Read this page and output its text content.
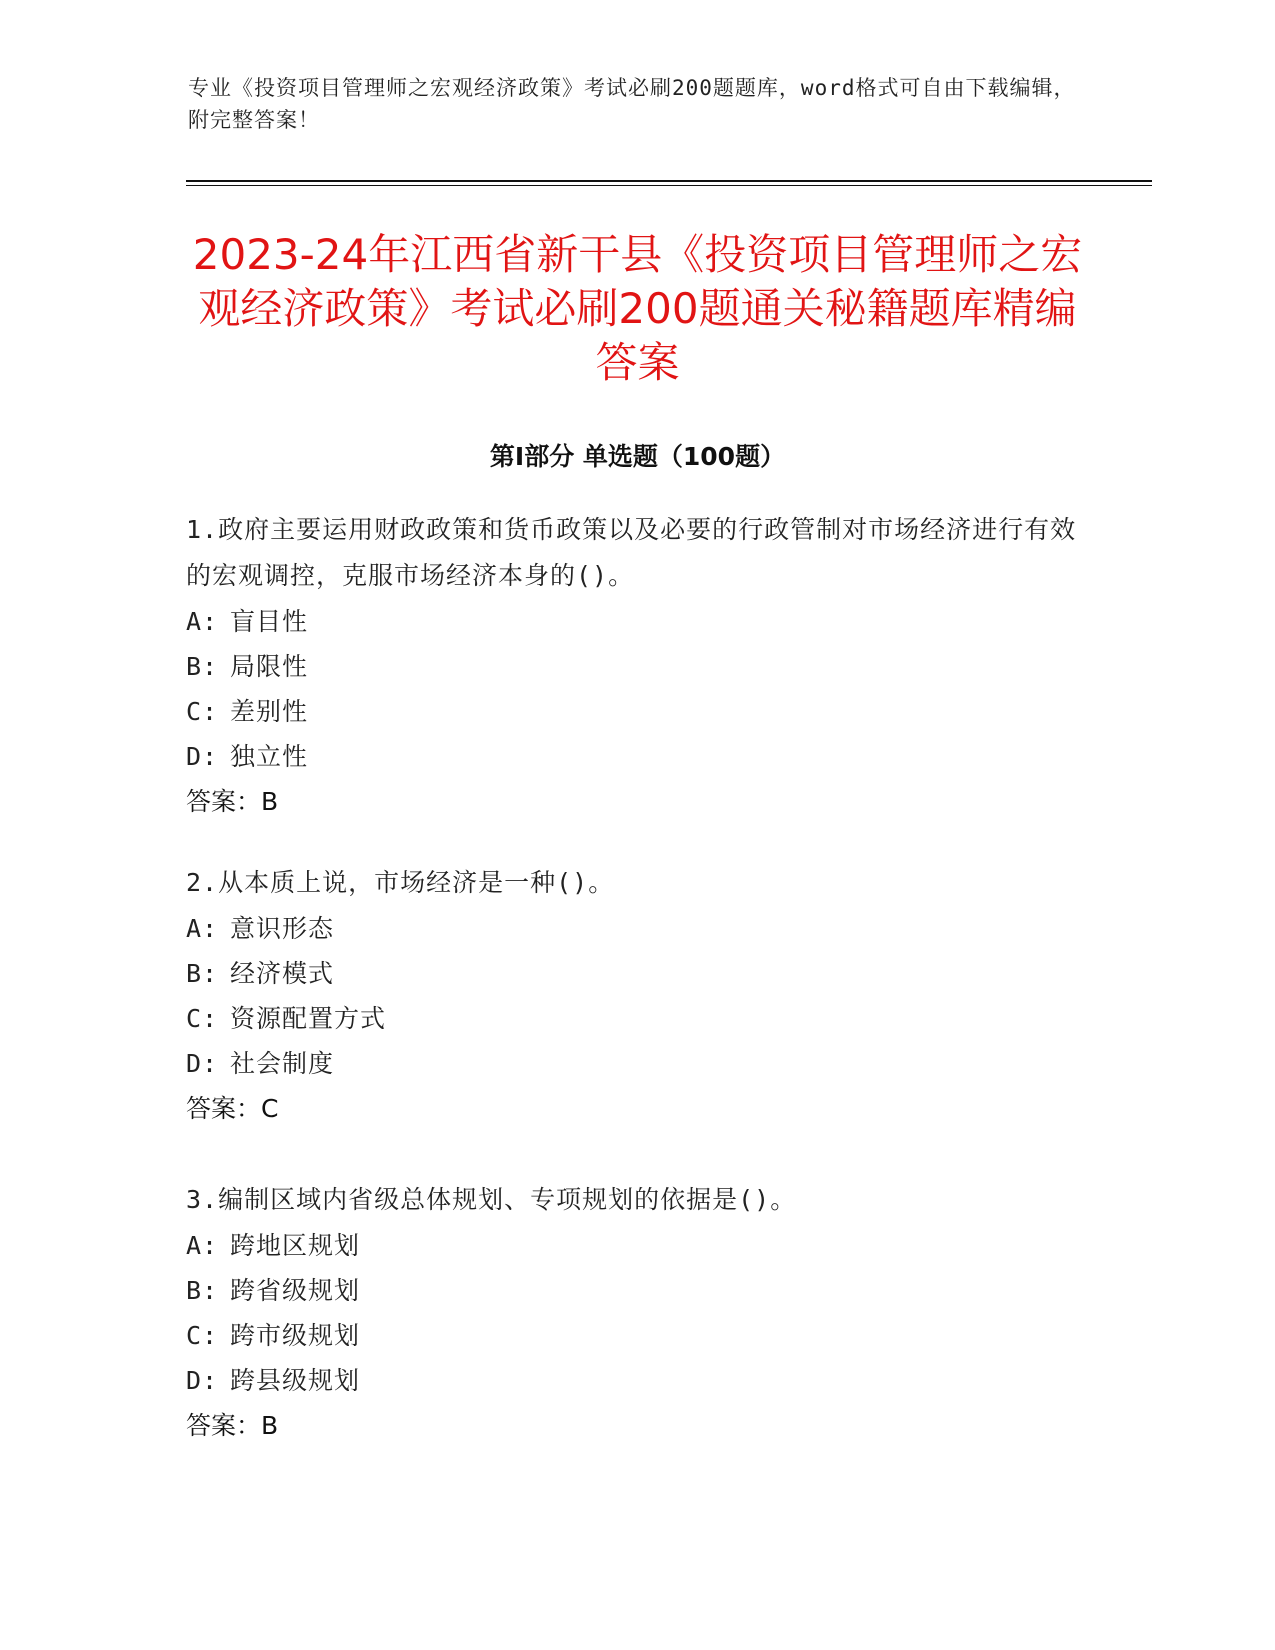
专业《投资项目管理师之宏观经济政策》考试必刷200题题库，word格式可自由下载编辑，附完整答案！
2023-24年江西省新干县《投资项目管理师之宏观经济政策》考试必刷200题通关秘籍题库精编答案
第Ⅰ部分 单选题（100题）

1.政府主要运用财政政策和货币政策以及必要的行政管制对市场经济进行有效的宏观调控，克服市场经济本身的()。

A: 盲目性

B: 局限性

C: 差别性

D: 独立性

答案：B

2.从本质上说，市场经济是一种()。

A: 意识形态

B: 经济模式

C: 资源配置方式

D: 社会制度

答案：C

3.编制区域内省级总体规划、专项规划的依据是()。

A: 跨地区规划

B: 跨省级规划

C: 跨市级规划

D: 跨县级规划

答案：B
